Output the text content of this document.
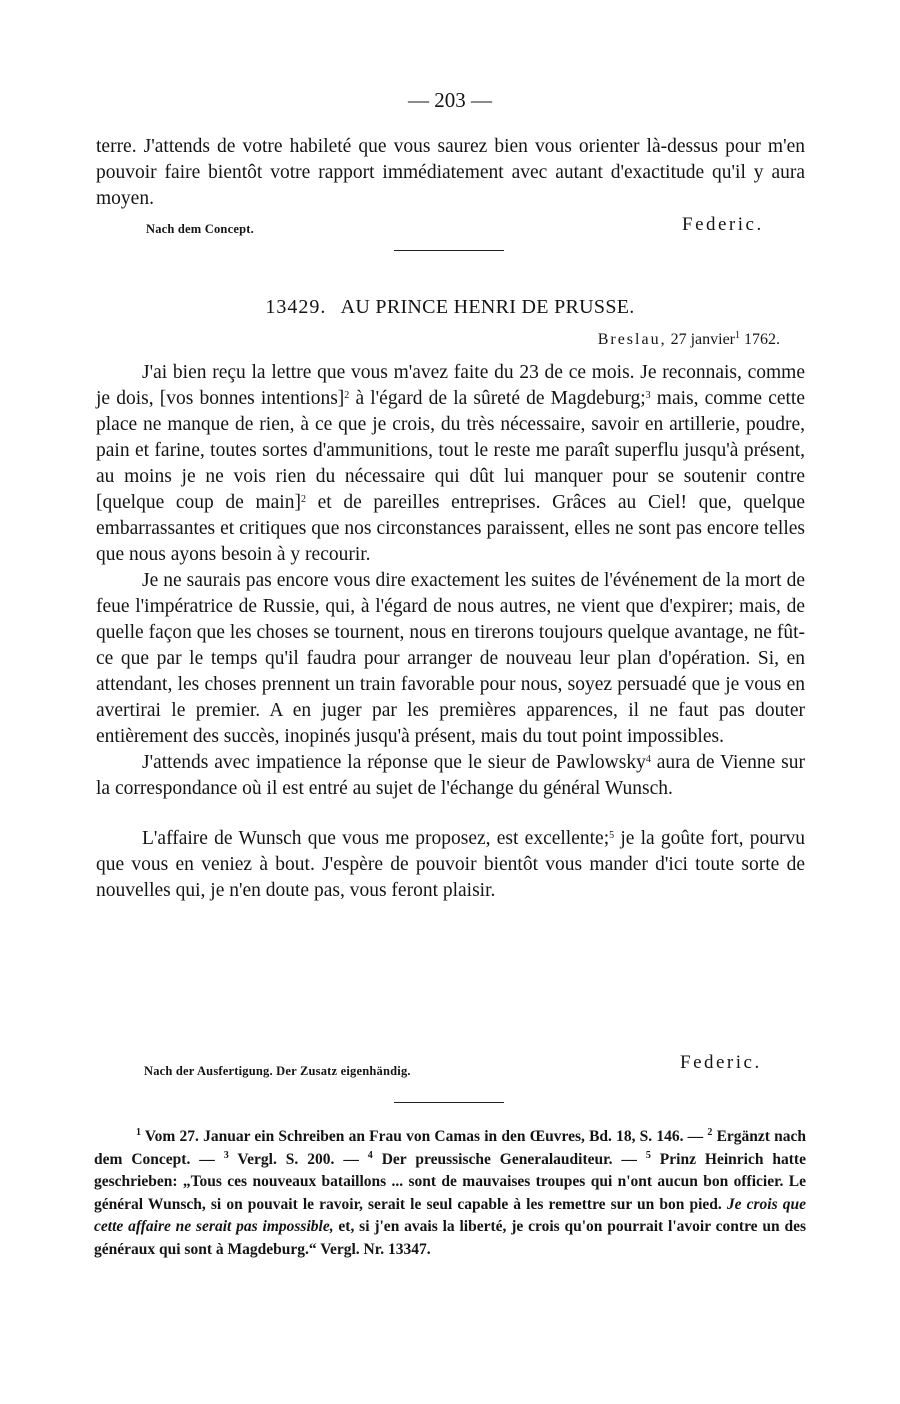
— 203 —

terre. J'attends de votre habileté que vous saurez bien vous orienter là-dessus pour m'en pouvoir faire bientôt votre rapport immédiatement avec autant d'exactitude qu'il y aura moyen.

Nach dem Concept.	Federic.
13429. AU PRINCE HENRI DE PRUSSE.
Breslau, 27 janvier$^1$ 1762.

J'ai bien reçu la lettre que vous m'avez faite du 23 de ce mois. Je reconnais, comme je dois, [vos bonnes intentions]$^2$ à l'égard de la sûreté de Magdeburg;$^3$ mais, comme cette place ne manque de rien, à ce que je crois, du très nécessaire, savoir en artillerie, poudre, pain et farine, toutes sortes d'ammunitions, tout le reste me paraît superflu jusqu'à présent, au moins je ne vois rien du nécessaire qui dût lui manquer pour se soutenir contre [quelque coup de main]$^2$ et de pareilles entreprises. Grâces au Ciel! que, quelque embarrassantes et critiques que nos circonstances paraissent, elles ne sont pas encore telles que nous ayons besoin à y recourir.

Je ne saurais pas encore vous dire exactement les suites de l'événement de la mort de feue l'impératrice de Russie, qui, à l'égard de nous autres, ne vient que d'expirer; mais, de quelle façon que les choses se tournent, nous en tirerons toujours quelque avantage, ne fût-ce que par le temps qu'il faudra pour arranger de nouveau leur plan d'opération. Si, en attendant, les choses prennent un train favorable pour nous, soyez persuadé que je vous en avertirai le premier. A en juger par les premières apparences, il ne faut pas douter entièrement des succès, inopinés jusqu'à présent, mais du tout point impossibles.

J'attends avec impatience la réponse que le sieur de Pawlowsky$^4$ aura de Vienne sur la correspondance où il est entré au sujet de l'échange du général Wunsch.

L'affaire de Wunsch que vous me proposez, est excellente;$^5$ je la goûte fort, pourvu que vous en veniez à bout. J'espère de pouvoir bientôt vous mander d'ici toute sorte de nouvelles qui, je n'en doute pas, vous feront plaisir.

Nach der Ausfertigung. Der Zusatz eigenhändig.	Federic.

$^1$ Vom 27. Januar ein Schreiben an Frau von Camas in den Œuvres, Bd. 18, S. 146. — $^2$ Ergänzt nach dem Concept. — $^3$ Vergl. S. 200. — $^4$ Der preussische Generalauditeur. — $^5$ Prinz Heinrich hatte geschrieben: „Tous ces nouveaux bataillons ... sont de mauvaises troupes qui n'ont aucun bon officier. Le général Wunsch, si on pouvait le ravoir, serait le seul capable à les remettre sur un bon pied. Je crois que cette affaire ne serait pas impossible, et, si j'en avais la liberté, je crois qu'on pourrait l'avoir contre un des généraux qui sont à Magdeburg.“ Vergl. Nr. 13347.
